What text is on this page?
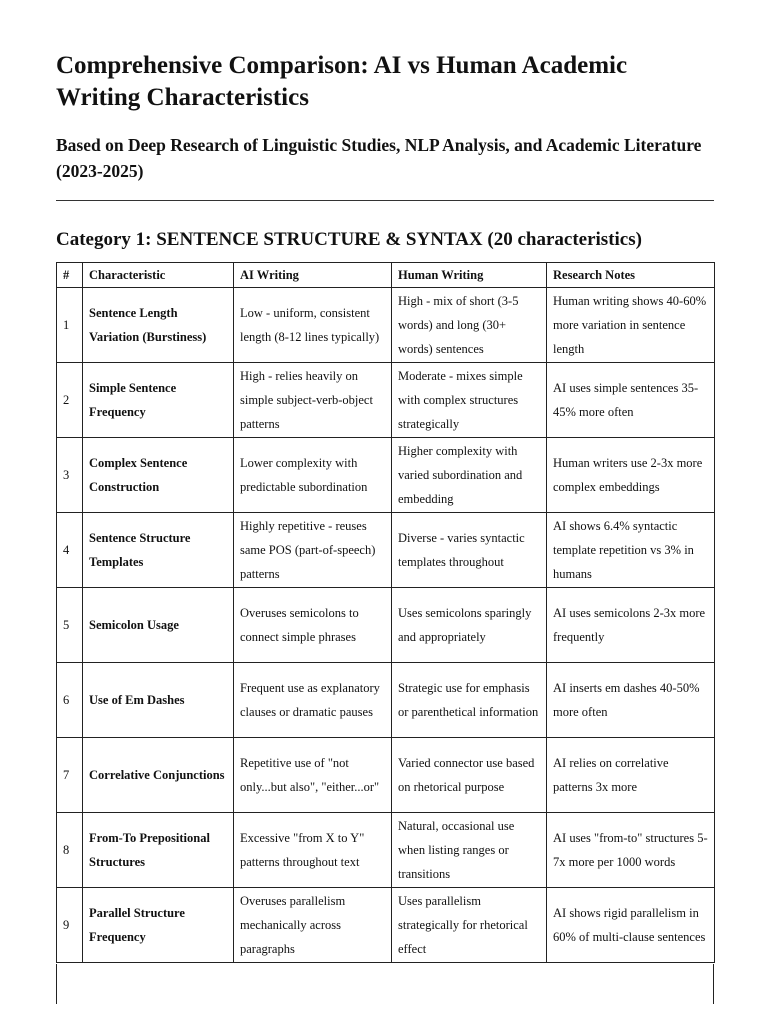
Comprehensive Comparison: AI vs Human Academic Writing Characteristics

Based on Deep Research of Linguistic Studies, NLP Analysis, and Academic Literature (2023-2025)

Category 1: SENTENCE STRUCTURE & SYNTAX (20 characteristics)
#	Characteristic	AI Writing	Human Writing	Research Notes
1	Sentence Length Variation (Burstiness)	Low - uniform, consistent length (8-12 lines typically)	High - mix of short (3-5 words) and long (30+ words) sentences	Human writing shows 40-60% more variation in sentence length
2	Simple Sentence Frequency	High - relies heavily on simple subject-verb-object patterns	Moderate - mixes simple with complex structures strategically	AI uses simple sentences 35-45% more often
3	Complex Sentence Construction	Lower complexity with predictable subordination	Higher complexity with varied subordination and embedding	Human writers use 2-3x more complex embeddings
4	Sentence Structure Templates	Highly repetitive - reuses same POS (part-of-speech) patterns	Diverse - varies syntactic templates throughout	AI shows 6.4% syntactic template repetition vs 3% in humans
5	Semicolon Usage	Overuses semicolons to connect simple phrases	Uses semicolons sparingly and appropriately	AI uses semicolons 2-3x more frequently
6	Use of Em Dashes	Frequent use as explanatory clauses or dramatic pauses	Strategic use for emphasis or parenthetical information	AI inserts em dashes 40-50% more often
7	Correlative Conjunctions	Repetitive use of "not only...but also", "either...or"	Varied connector use based on rhetorical purpose	AI relies on correlative patterns 3x more
8	From-To Prepositional Structures	Excessive "from X to Y" patterns throughout text	Natural, occasional use when listing ranges or transitions	AI uses "from-to" structures 5-7x more per 1000 words
9	Parallel Structure Frequency	Overuses parallelism mechanically across paragraphs	Uses parallelism strategically for rhetorical effect	AI shows rigid parallelism in 60% of multi-clause sentences
